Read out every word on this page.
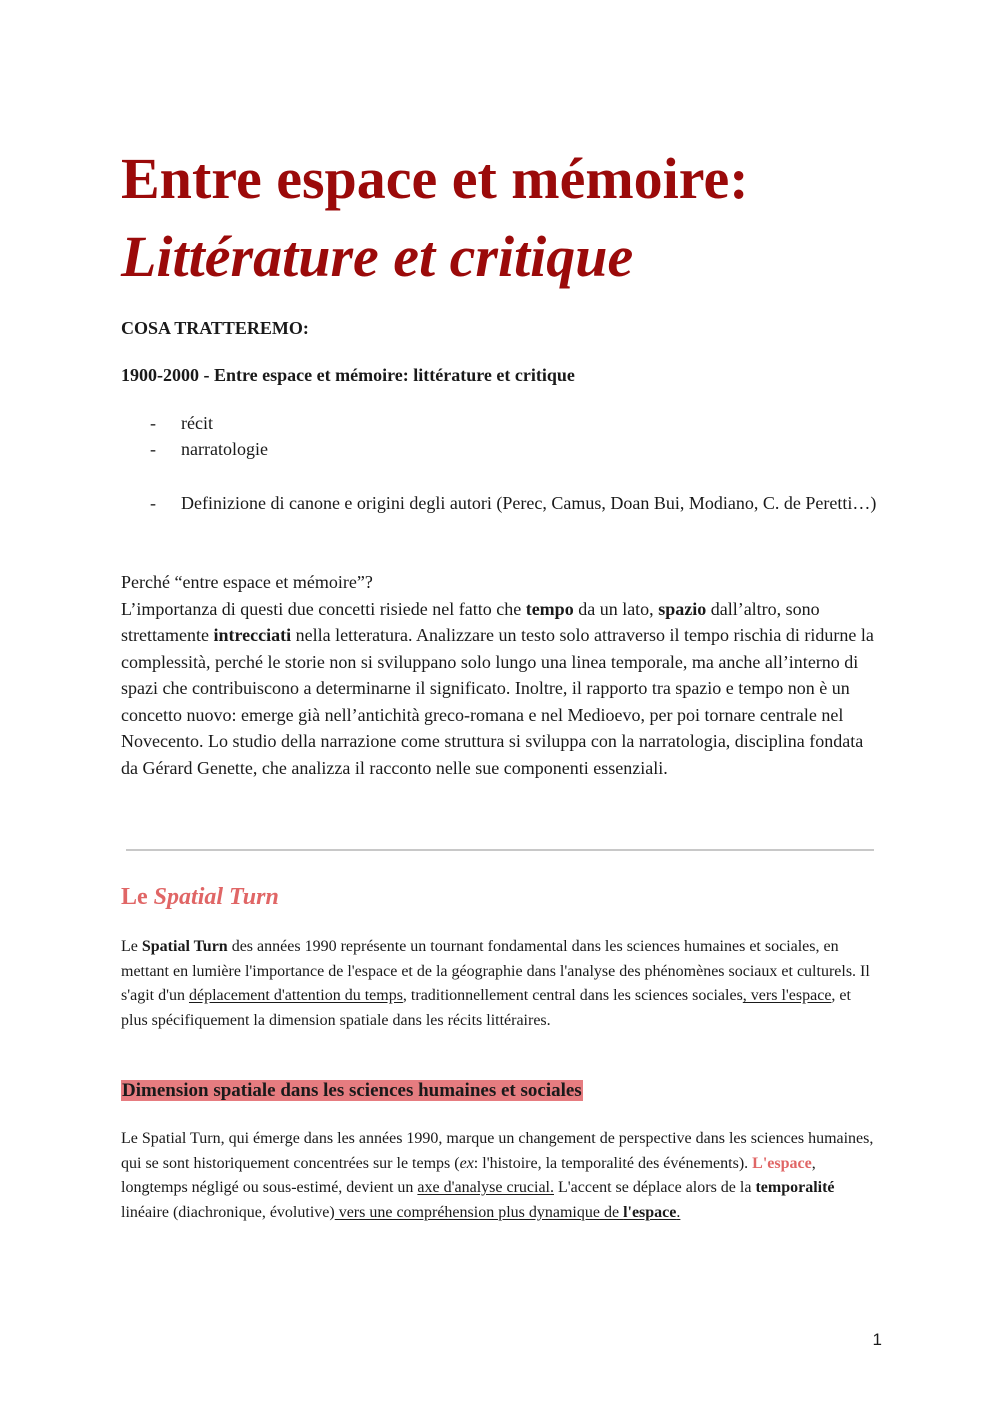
Entre espace et mémoire:
Littérature et critique

COSA TRATTEREMO:

1900-2000 - Entre espace et mémoire: littérature et critique

- récit
- narratologie
- Definizione di canone e origini degli autori (Perec, Camus, Doan Bui, Modiano, C. de Peretti…)

Perché “entre espace et mémoire”?

L’importanza di questi due concetti risiede nel fatto che tempo da un lato, spazio dall’altro, sono strettamente intrecciati nella letteratura. Analizzare un testo solo attraverso il tempo rischia di ridurne la complessità, perché le storie non si sviluppano solo lungo una linea temporale, ma anche all’interno di spazi che contribuiscono a determinarne il significato. Inoltre, il rapporto tra spazio e tempo non è un concetto nuovo: emerge già nell’antichità greco-romana e nel Medioevo, per poi tornare centrale nel Novecento. Lo studio della narrazione come struttura si sviluppa con la narratologia, disciplina fondata da Gérard Genette, che analizza il racconto nelle sue componenti essenziali.

Le Spatial Turn

Le Spatial Turn des années 1990 représente un tournant fondamental dans les sciences humaines et sociales, en mettant en lumière l'importance de l'espace et de la géographie dans l'analyse des phénomènes sociaux et culturels. Il s'agit d'un déplacement d'attention du temps, traditionnellement central dans les sciences sociales, vers l'espace, et plus spécifiquement la dimension spatiale dans les récits littéraires.

Dimension spatiale dans les sciences humaines et sociales

Le Spatial Turn, qui émerge dans les années 1990, marque un changement de perspective dans les sciences humaines, qui se sont historiquement concentrées sur le temps (ex: l'histoire, la temporalité des événements). L'espace, longtemps négligé ou sous-estimé, devient un axe d'analyse crucial. L'accent se déplace alors de la temporalité linéaire (diachronique, évolutive) vers une compréhension plus dynamique de l'espace.

1
